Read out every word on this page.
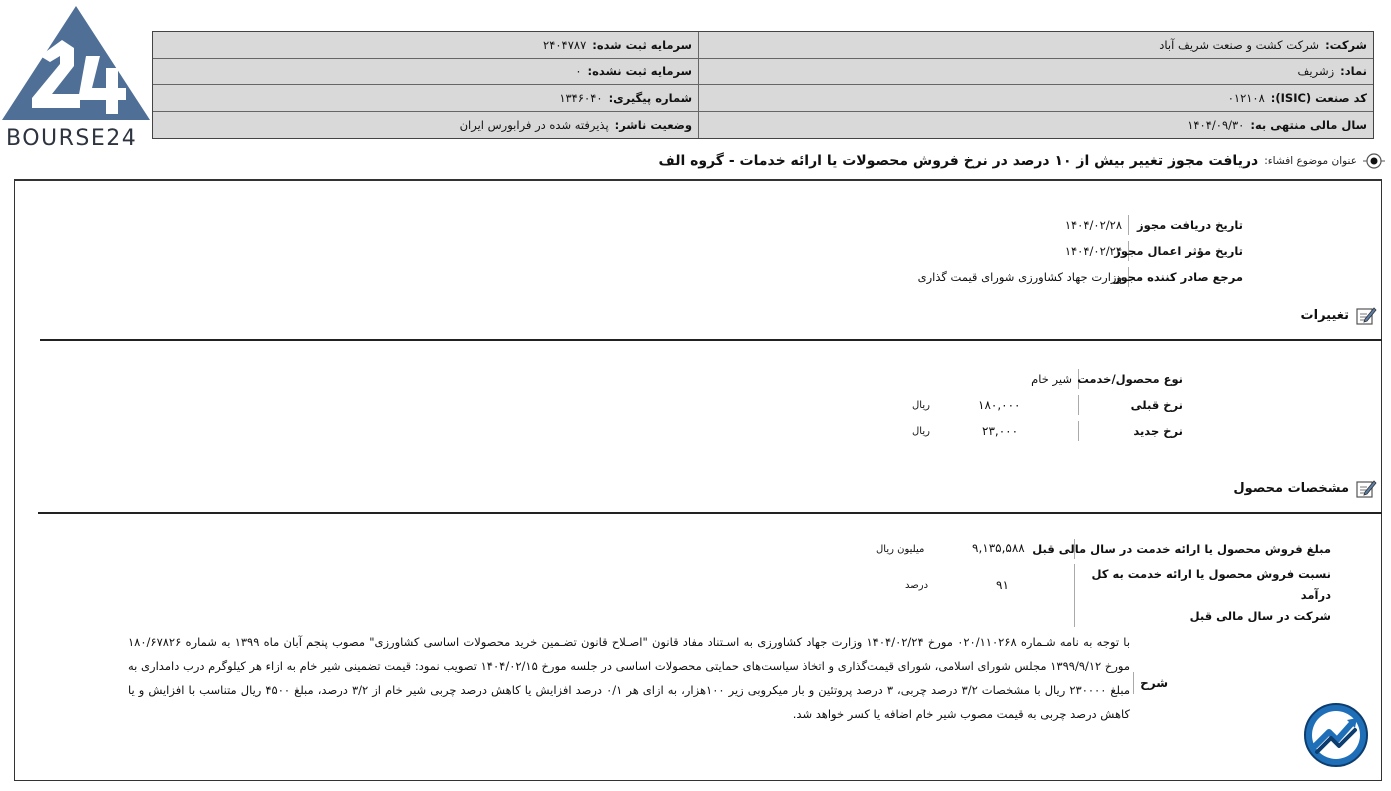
BOURSE24
شرکت:
شرکت کشت و صنعت شریف آباد
سرمایه ثبت شده:
۲۴۰۴۷۸۷
نماد:
زشریف
سرمایه ثبت نشده:
۰
کد صنعت (ISIC):
۰۱۲۱۰۸
شماره پیگیری:
۱۳۴۶۰۴۰
سال مالی منتهی به:
۱۴۰۴/۰۹/۳۰
وضعیت ناشر:
پذیرفته شده در فرابورس ایران
عنوان موضوع افشاء:
دریافت مجوز تغییر بیش از ۱۰ درصد در نرخ فروش محصولات یا ارائه خدمات - گروه الف
تاریخ دریافت مجوز
۱۴۰۴/۰۲/۲۸
تاریخ مؤثر اعمال مجوز
۱۴۰۴/۰۲/۲۴
مرجع صادر کننده مجوز
وزارت جهاد کشاورزی شورای قیمت گذاری
تغییرات
نوع محصول/خدمت
شیر خام
نرخ قبلی
۱۸۰,۰۰۰
ریال
نرخ جدید
۲۳,۰۰۰
ریال
مشخصات محصول
مبلغ فروش محصول یا ارائه خدمت در سال مالی قبل
۹,۱۳۵,۵۸۸
میلیون ریال
نسبت فروش محصول یا ارائه خدمت به کل درآمد
شرکت در سال مالی قبل
۹۱
درصد
شرح
با توجه به نامه شـماره ۰۲۰/۱۱۰۲۶۸ مورخ ۱۴۰۴/۰۲/۲۴ وزارت جهاد کشاورزی به اسـتناد مفاد قانون "اصـلاح قانون تضـمین خرید محصولات اساسی کشاورزی" مصوب پنجم آبان ماه ۱۳۹۹ به شماره ۱۸۰/۶۷۸۲۶ مورخ ۱۳۹۹/۹/۱۲ مجلس شورای اسلامی، شورای قیمت‌گذاری و اتخاذ سیاست‌های حمایتی محصولات اساسی در جلسه مورخ ۱۴۰۴/۰۲/۱۵ تصویب نمود: قیمت تضمینی شیر خام به ازاء هر کیلوگرم درب دامداری به مبلغ ۲۳۰۰۰۰ ریال با مشخصات ۳/۲ درصد چربی، ۳ درصد پروتئین و بار میکروبی زیر ۱۰۰هزار، به ازای هر ۰/۱ درصد افزایش یا کاهش درصد چربی شیر خام از ۳/۲ درصد، مبلغ ۴۵۰۰ ریال متناسب با افزایش و یا کاهش درصد چربی به قیمت مصوب شیر خام اضافه یا کسر خواهد شد.
